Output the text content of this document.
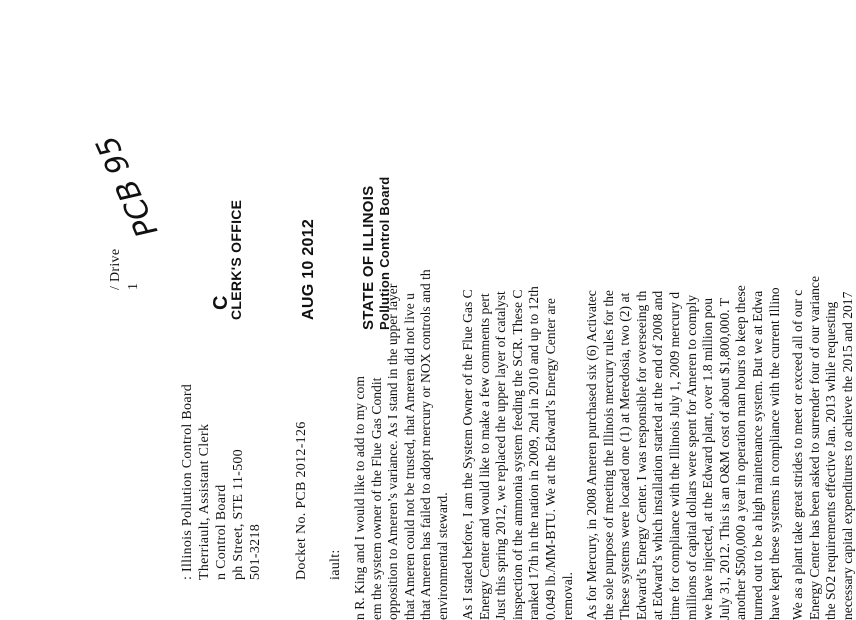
/ Drive 1
: Illinois Pollution Control Board Therriault, Assistant Clerk n Control Board ph Street, STE 11-500 501-3218
C
CLERK'S OFFICE	AUG 10 2012	STATE OF ILLINOIS Pollution Control Board
Docket No. PCB 2012-126 iault:
PCB 95
n R. King and I would like to add to my com em the system owner of the Flue Gas Condit opposition to Ameren’s variance. As I stand in the upper layer that Ameren could not be trusted, that Ameren did not live u that Ameren has failed to adopt mercury or NOX controls and th environmental steward. As I stated before, I am the System Owner of the Flue Gas C Energy Center and would like to make a few comments pert Just this spring 2012, we replaced the upper layer of catalyst inspection of the ammonia system feeding the SCR. These C ranked 17th in the nation in 2009, 2nd in 2010 and up to 12th 0.049 lb./MM-BTU. We at the Edward’s Energy Center are removal. As for Mercury, in 2008 Ameren purchased six (6) Activatec the sole purpose of meeting the Illinois mercury rules for the These systems were located one (1) at Meredosia, two (2) at Edward’s Energy Center. I was responsible for overseeing th at Edward’s which installation started at the end of 2008 and time for compliance with the Illinois July 1, 2009 mercury d millions of capital dollars were spent for Ameren to comply we have injected, at the Edward plant, over 1.8 million pou July 31, 2012. This is an O&M cost of about $1,800,000. T another $500,000 a year in operation man hours to keep these turned out to be a high maintenance system. But we at Edwa have kept these systems in compliance with the current Illino We as a plant take great strides to meet or exceed all of our c Energy Center has been asked to surrender four of our variance the SO2 requirements effective Jan. 2013 while requesting necessary capital expenditures to achieve the 2015 and 2017
